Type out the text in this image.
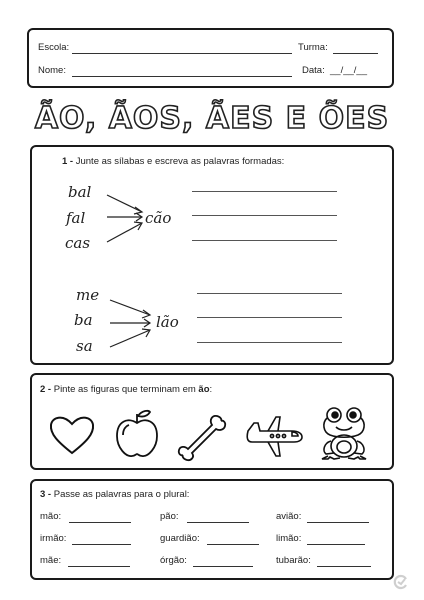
Escola:	Turma:
Nome:	Data: __/__/__
ÃO, ÃOS, ÃES E ÕES
1 - Junte as sílabas e escreva as palavras formadas:
bal
fal
cas
cão
me
ba
sa
lão
2 - Pinte as figuras que terminam em ão:
3 - Passe as palavras para o plural:
mão:	pão:	avião:
irmão:	guardião:	limão:
mãe:	órgão:	tubarão:
